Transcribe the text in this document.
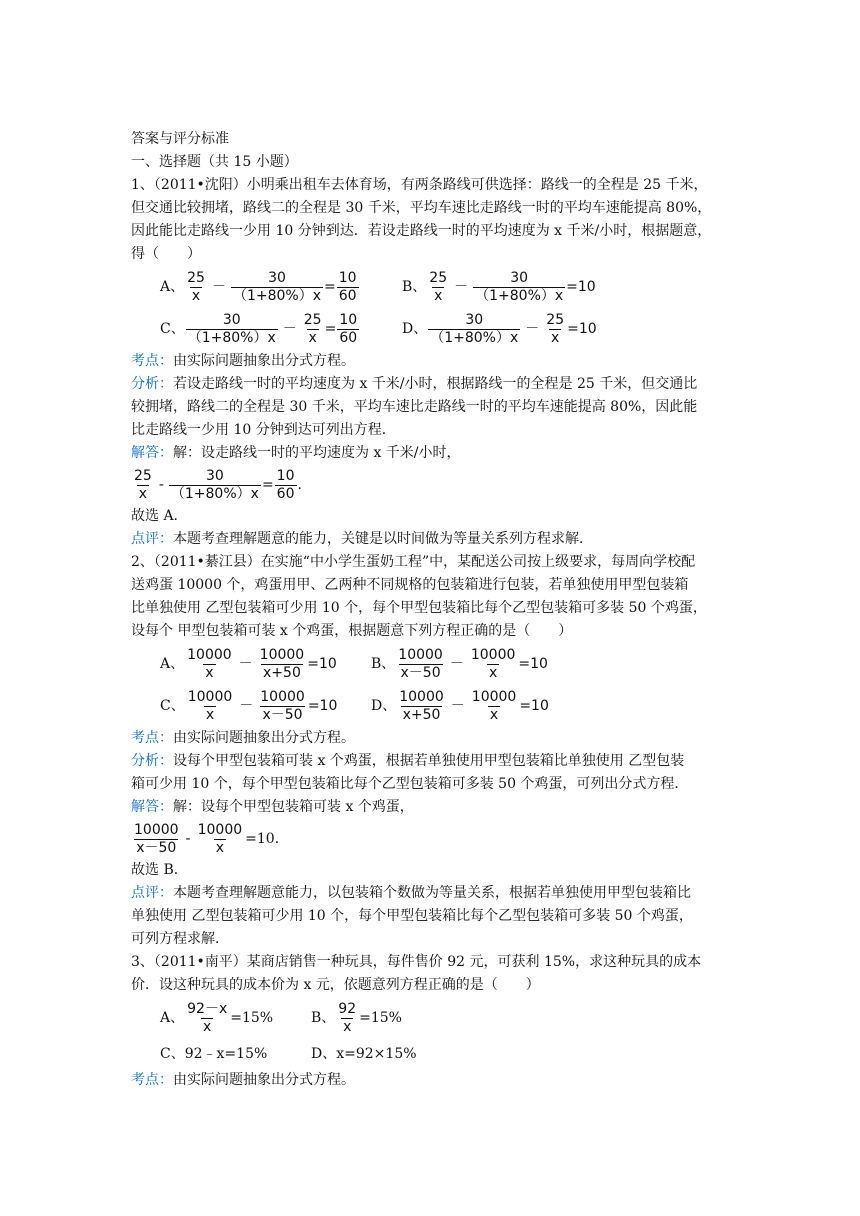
答案与评分标准
一、选择题（共 15 小题）
1、（2011•沈阳）小明乘出租车去体育场，有两条路线可供选择：路线一的全程是 25 千米，
但交通比较拥堵，路线二的全程是 30 千米，平均车速比走路线一时的平均车速能提高 80%，
因此能比走路线一少用 10 分钟到达．若设走路线一时的平均速度为 x 千米/小时，根据题意，
得（　　）
A、 $\frac{25}{x} - \frac{30}{(1+80\%)x} = \frac{10}{60}$	B、 $\frac{25}{x} - \frac{30}{(1+80\%)x} =10$
C、 $\frac{30}{(1+80\%)x} - \frac{25}{x} = \frac{10}{60}$	D、 $\frac{30}{(1+80\%)x} - \frac{25}{x} =10$
考点：由实际问题抽象出分式方程。
分析：若设走路线一时的平均速度为 x 千米/小时，根据路线一的全程是 25 千米，但交通比
较拥堵，路线二的全程是 30 千米，平均车速比走路线一时的平均车速能提高 80%，因此能
比走路线一少用 10 分钟到达可列出方程．
解答：解：设走路线一时的平均速度为 x 千米/小时，
$\frac{25}{x} - \frac{30}{(1+80\%)x} = \frac{10}{60}$ .
故选 A．
点评：本题考查理解题意的能力，关键是以时间做为等量关系列方程求解．
2、（2011•綦江县）在实施“中小学生蛋奶工程”中，某配送公司按上级要求，每周向学校配
送鸡蛋 10000 个，鸡蛋用甲、乙两种不同规格的包装箱进行包装，若单独使用甲型包装箱
比单独使用 乙型包装箱可少用 10 个，每个甲型包装箱比每个乙型包装箱可多装 50 个鸡蛋，
设每个 甲型包装箱可装 x 个鸡蛋，根据题意下列方程正确的是（　　）
A、 $\frac{10000}{x} - \frac{10000}{x+50} =10$ B、 $\frac{10000}{x-50} - \frac{10000}{x} =10$
C、 $\frac{10000}{x} - \frac{10000}{x-50} =10$ D、 $\frac{10000}{x+50} - \frac{10000}{x} =10$
考点：由实际问题抽象出分式方程。
分析：设每个甲型包装箱可装 x 个鸡蛋，根据若单独使用甲型包装箱比单独使用 乙型包装
箱可少用 10 个，每个甲型包装箱比每个乙型包装箱可多装 50 个鸡蛋，可列出分式方程．
解答：解：设每个甲型包装箱可装 x 个鸡蛋，
$\frac{10000}{x-50} - \frac{10000}{x} =10$．
故选 B．
点评：本题考查理解题意能力，以包装箱个数做为等量关系，根据若单独使用甲型包装箱比
单独使用 乙型包装箱可少用 10 个，每个甲型包装箱比每个乙型包装箱可多装 50 个鸡蛋，
可列方程求解．
3、（2011•南平）某商店销售一种玩具，每件售价 92 元，可获利 15%，求这种玩具的成本
价．设这种玩具的成本价为 x 元，依题意列方程正确的是（　　）
A、 $\frac{92-x}{x} =15\%$	B、 $\frac{92}{x} =15\%$
C、 92﹣x=15%	D、 x=92×15%
考点：由实际问题抽象出分式方程。
